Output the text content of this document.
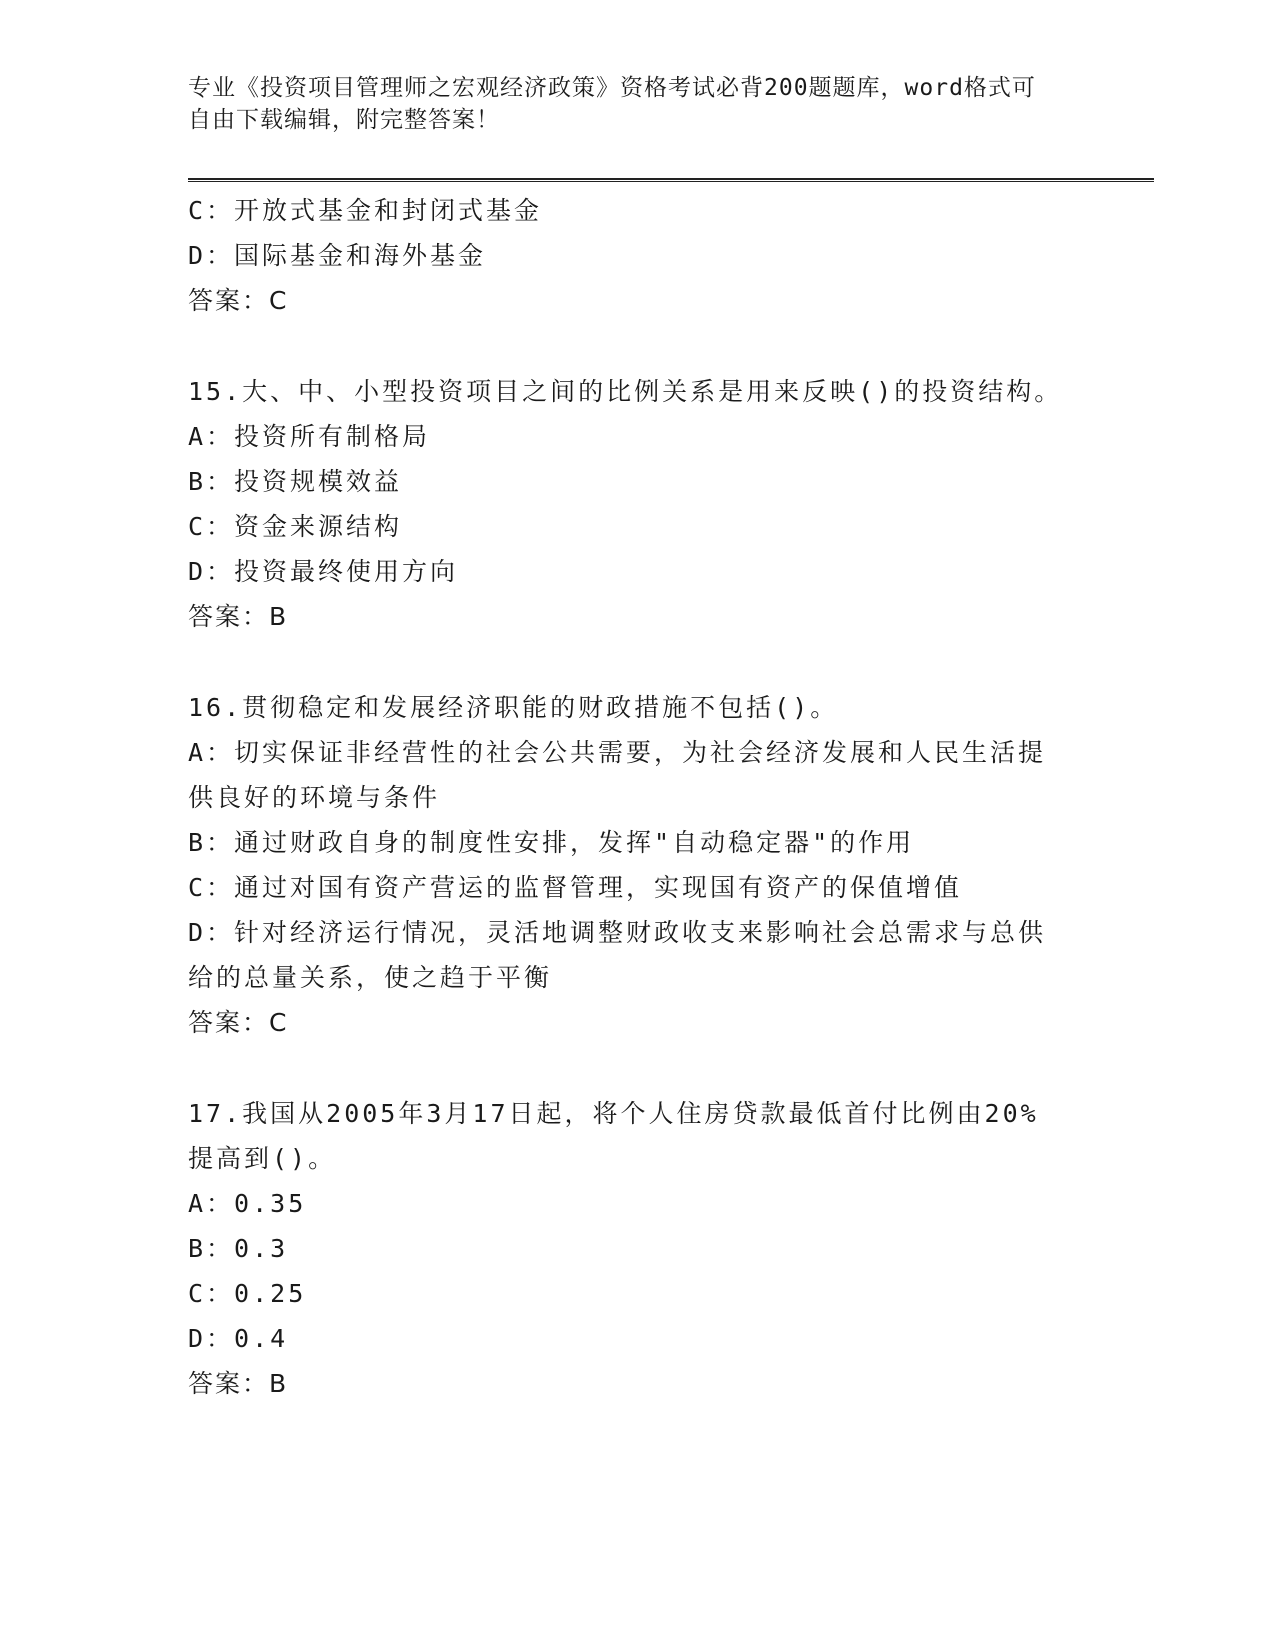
专业《投资项目管理师之宏观经济政策》资格考试必背200题题库，word格式可
自由下载编辑，附完整答案！
C：开放式基金和封闭式基金
D：国际基金和海外基金
答案：C
15.大、中、小型投资项目之间的比例关系是用来反映()的投资结构。
A：投资所有制格局
B：投资规模效益
C：资金来源结构
D：投资最终使用方向
答案：B
16.贯彻稳定和发展经济职能的财政措施不包括()。
A：切实保证非经营性的社会公共需要，为社会经济发展和人民生活提
供良好的环境与条件
B：通过财政自身的制度性安排，发挥"自动稳定器"的作用
C：通过对国有资产营运的监督管理，实现国有资产的保值增值
D：针对经济运行情况，灵活地调整财政收支来影响社会总需求与总供
给的总量关系，使之趋于平衡
答案：C
17.我国从2005年3月17日起，将个人住房贷款最低首付比例由20%
提高到()。
A：0.35
B：0.3
C：0.25
D：0.4
答案：B
